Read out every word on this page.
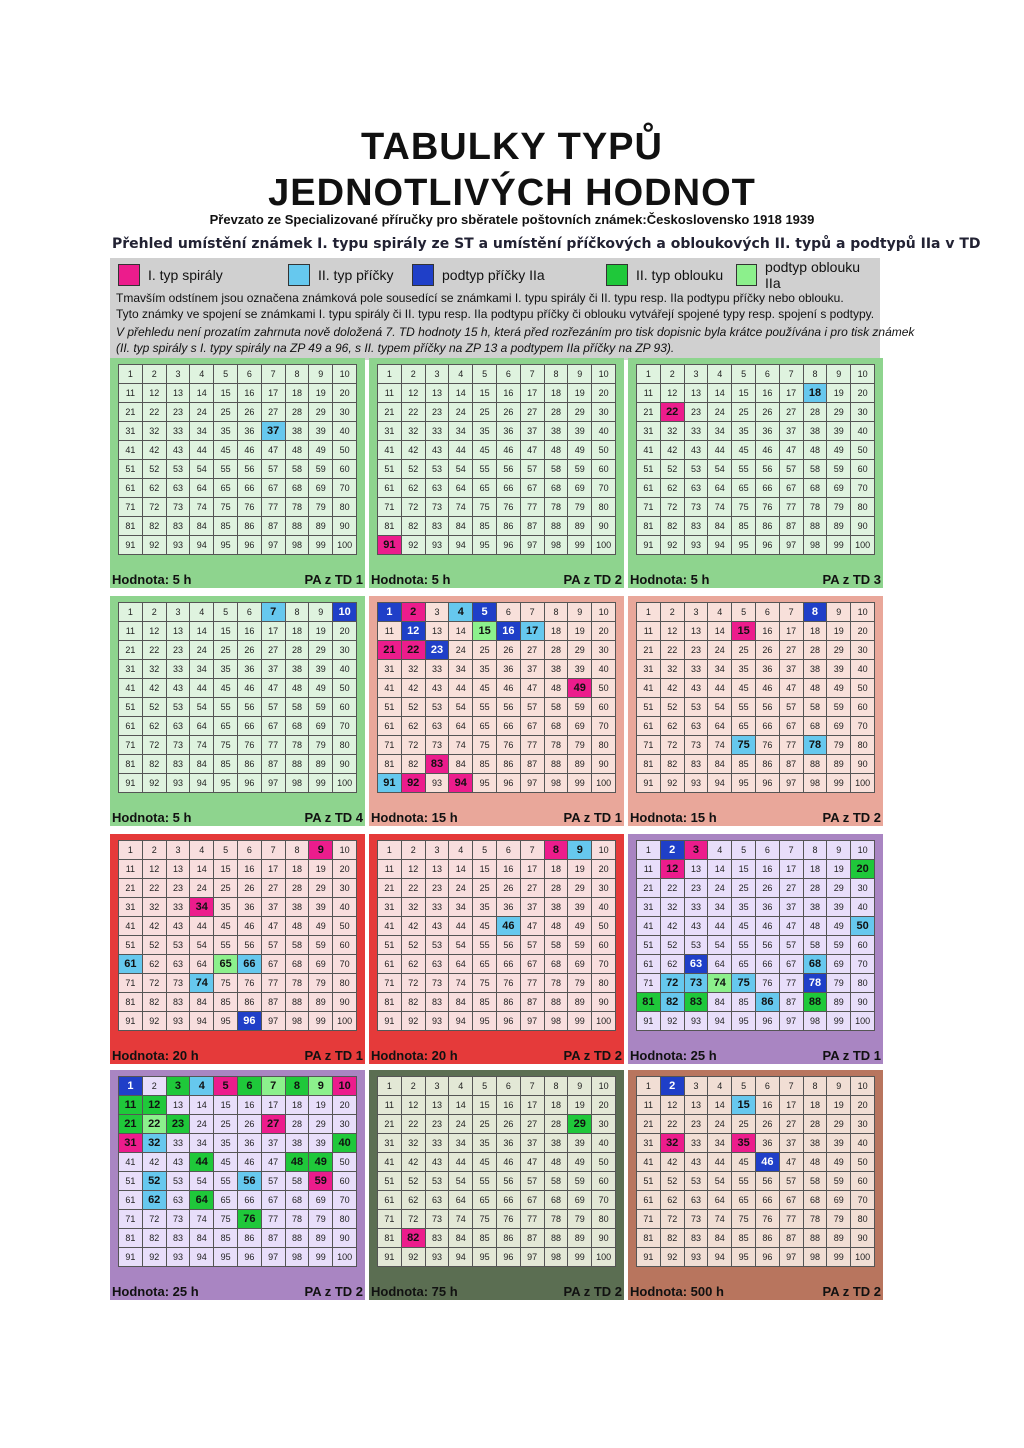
TABULKY TYPŮ
JEDNOTLIVÝCH HODNOT
Převzato ze Specializované příručky pro sběratele poštovních známek:Československo 1918 1939
Přehled umístění známek I. typu spirály ze ST a umístění příčkových a obloukových II. typů a podtypů IIa v TD
I. typ spirály	II. typ příčky	podtyp příčky IIa	II. typ oblouku	podtyp oblouku IIa
Tmavším odstínem jsou označena známková pole sousedící se známkami I. typu spirály či II. typu resp. IIa podtypu příčky nebo oblouku.
Tyto známky ve spojení se známkami I. typu spirály či II. typu resp. IIa podtypu příčky či oblouku vytvářejí spojené typy resp. spojení s podtypy.
V přehledu není prozatím zahrnuta nově doložená 7. TD hodnoty 15 h, která před rozřezáním pro tisk dopisnic byla krátce používána i pro tisk známek
(II. typ spirály s I. typy spirály na ZP 49 a 96, s II. typem příčky na ZP 13 a podtypem IIa příčky na ZP 93).
1	2	3	4	5	6	7	8	9	10
11	12	13	14	15	16	17	18	19	20
21	22	23	24	25	26	27	28	29	30
31	32	33	34	35	36	37	38	39	40
41	42	43	44	45	46	47	48	49	50
51	52	53	54	55	56	57	58	59	60
61	62	63	64	65	66	67	68	69	70
71	72	73	74	75	76	77	78	79	80
81	82	83	84	85	86	87	88	89	90
91	92	93	94	95	96	97	98	99	100
Hodnota: 5 h	PA z TD 1
1	2	3	4	5	6	7	8	9	10
11	12	13	14	15	16	17	18	19	20
21	22	23	24	25	26	27	28	29	30
31	32	33	34	35	36	37	38	39	40
41	42	43	44	45	46	47	48	49	50
51	52	53	54	55	56	57	58	59	60
61	62	63	64	65	66	67	68	69	70
71	72	73	74	75	76	77	78	79	80
81	82	83	84	85	86	87	88	89	90
91	92	93	94	95	96	97	98	99	100
Hodnota: 5 h	PA z TD 2
1	2	3	4	5	6	7	8	9	10
11	12	13	14	15	16	17	18	19	20
21	22	23	24	25	26	27	28	29	30
31	32	33	34	35	36	37	38	39	40
41	42	43	44	45	46	47	48	49	50
51	52	53	54	55	56	57	58	59	60
61	62	63	64	65	66	67	68	69	70
71	72	73	74	75	76	77	78	79	80
81	82	83	84	85	86	87	88	89	90
91	92	93	94	95	96	97	98	99	100
Hodnota: 5 h	PA z TD 3
1	2	3	4	5	6	7	8	9	10
11	12	13	14	15	16	17	18	19	20
21	22	23	24	25	26	27	28	29	30
31	32	33	34	35	36	37	38	39	40
41	42	43	44	45	46	47	48	49	50
51	52	53	54	55	56	57	58	59	60
61	62	63	64	65	66	67	68	69	70
71	72	73	74	75	76	77	78	79	80
81	82	83	84	85	86	87	88	89	90
91	92	93	94	95	96	97	98	99	100
Hodnota: 5 h	PA z TD 4
1	2	3	4	5	6	7	8	9	10
11	12	13	14	15	16	17	18	19	20
21	22	23	24	25	26	27	28	29	30
31	32	33	34	35	36	37	38	39	40
41	42	43	44	45	46	47	48	49	50
51	52	53	54	55	56	57	58	59	60
61	62	63	64	65	66	67	68	69	70
71	72	73	74	75	76	77	78	79	80
81	82	83	84	85	86	87	88	89	90
91	92	93	94	95	96	97	98	99	100
Hodnota: 15 h	PA z TD 1
1	2	3	4	5	6	7	8	9	10
11	12	13	14	15	16	17	18	19	20
21	22	23	24	25	26	27	28	29	30
31	32	33	34	35	36	37	38	39	40
41	42	43	44	45	46	47	48	49	50
51	52	53	54	55	56	57	58	59	60
61	62	63	64	65	66	67	68	69	70
71	72	73	74	75	76	77	78	79	80
81	82	83	84	85	86	87	88	89	90
91	92	93	94	95	96	97	98	99	100
Hodnota: 15 h	PA z TD 2
1	2	3	4	5	6	7	8	9	10
11	12	13	14	15	16	17	18	19	20
21	22	23	24	25	26	27	28	29	30
31	32	33	34	35	36	37	38	39	40
41	42	43	44	45	46	47	48	49	50
51	52	53	54	55	56	57	58	59	60
61	62	63	64	65	66	67	68	69	70
71	72	73	74	75	76	77	78	79	80
81	82	83	84	85	86	87	88	89	90
91	92	93	94	95	96	97	98	99	100
Hodnota: 20 h	PA z TD 1
1	2	3	4	5	6	7	8	9	10
11	12	13	14	15	16	17	18	19	20
21	22	23	24	25	26	27	28	29	30
31	32	33	34	35	36	37	38	39	40
41	42	43	44	45	46	47	48	49	50
51	52	53	54	55	56	57	58	59	60
61	62	63	64	65	66	67	68	69	70
71	72	73	74	75	76	77	78	79	80
81	82	83	84	85	86	87	88	89	90
91	92	93	94	95	96	97	98	99	100
Hodnota: 20 h	PA z TD 2
1	2	3	4	5	6	7	8	9	10
11	12	13	14	15	16	17	18	19	20
21	22	23	24	25	26	27	28	29	30
31	32	33	34	35	36	37	38	39	40
41	42	43	44	45	46	47	48	49	50
51	52	53	54	55	56	57	58	59	60
61	62	63	64	65	66	67	68	69	70
71	72	73	74	75	76	77	78	79	80
81	82	83	84	85	86	87	88	89	90
91	92	93	94	95	96	97	98	99	100
Hodnota: 25 h	PA z TD 1
1	2	3	4	5	6	7	8	9	10
11	12	13	14	15	16	17	18	19	20
21	22	23	24	25	26	27	28	29	30
31	32	33	34	35	36	37	38	39	40
41	42	43	44	45	46	47	48	49	50
51	52	53	54	55	56	57	58	59	60
61	62	63	64	65	66	67	68	69	70
71	72	73	74	75	76	77	78	79	80
81	82	83	84	85	86	87	88	89	90
91	92	93	94	95	96	97	98	99	100
Hodnota: 25 h	PA z TD 2
1	2	3	4	5	6	7	8	9	10
11	12	13	14	15	16	17	18	19	20
21	22	23	24	25	26	27	28	29	30
31	32	33	34	35	36	37	38	39	40
41	42	43	44	45	46	47	48	49	50
51	52	53	54	55	56	57	58	59	60
61	62	63	64	65	66	67	68	69	70
71	72	73	74	75	76	77	78	79	80
81	82	83	84	85	86	87	88	89	90
91	92	93	94	95	96	97	98	99	100
Hodnota: 75 h	PA z TD 2
1	2	3	4	5	6	7	8	9	10
11	12	13	14	15	16	17	18	19	20
21	22	23	24	25	26	27	28	29	30
31	32	33	34	35	36	37	38	39	40
41	42	43	44	45	46	47	48	49	50
51	52	53	54	55	56	57	58	59	60
61	62	63	64	65	66	67	68	69	70
71	72	73	74	75	76	77	78	79	80
81	82	83	84	85	86	87	88	89	90
91	92	93	94	95	96	97	98	99	100
Hodnota: 500 h	PA z TD 2
